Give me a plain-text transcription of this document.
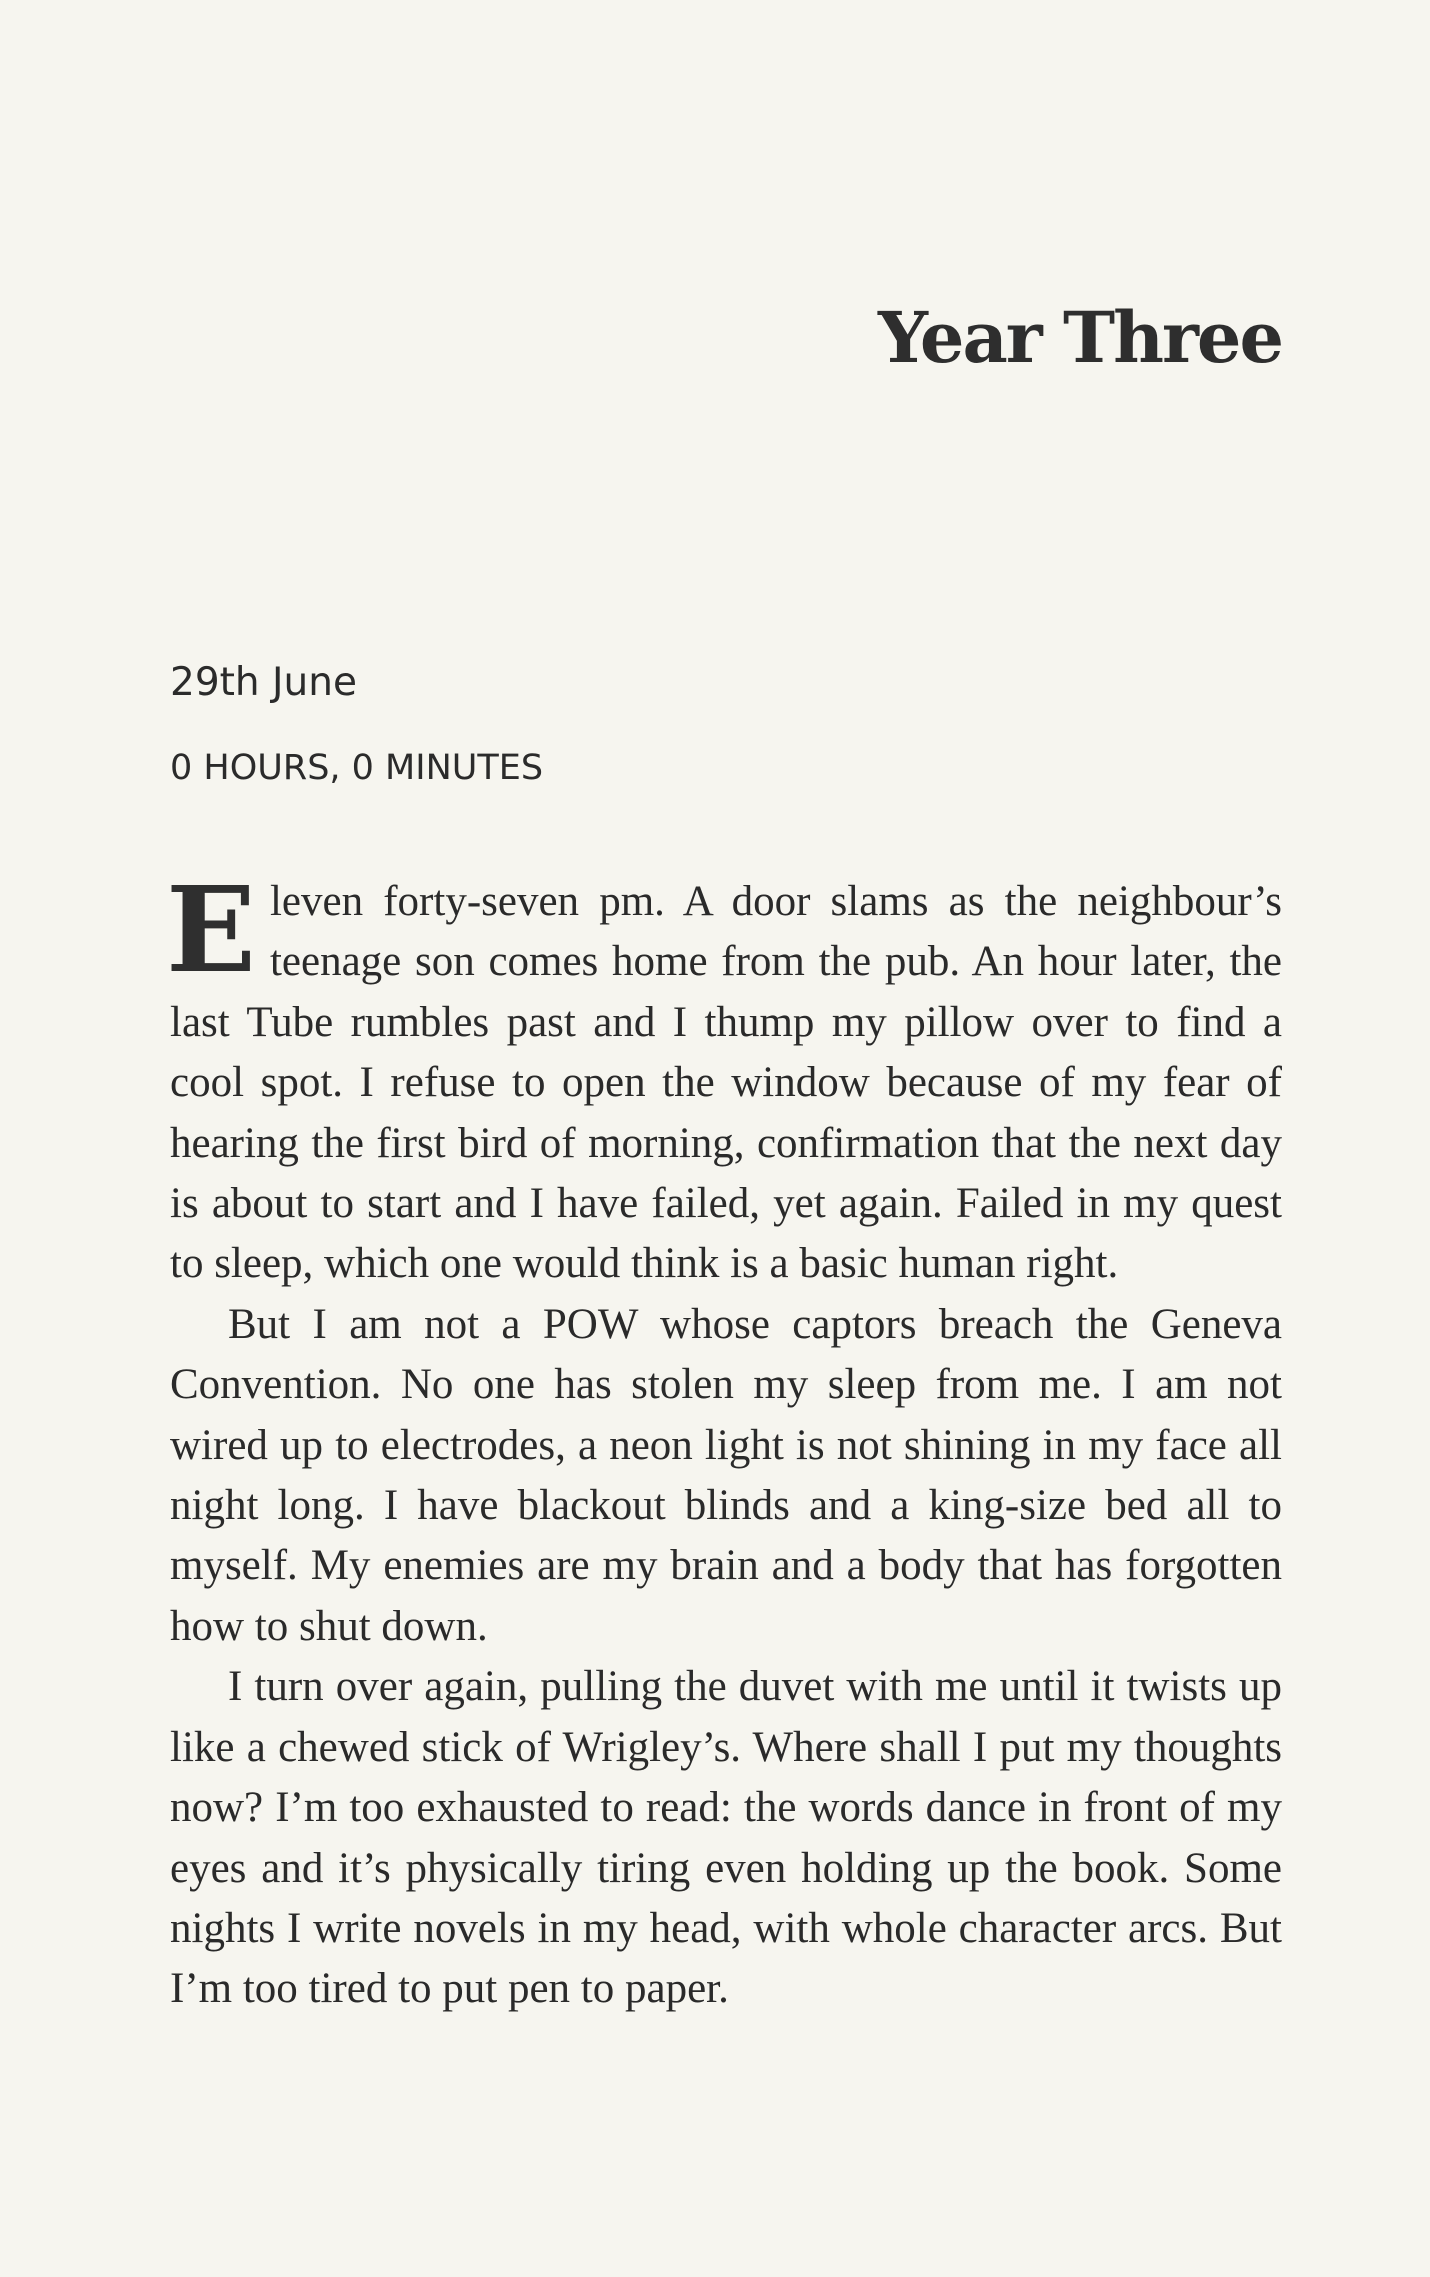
Year Three
29th June
0 HOURS, 0 MINUTES

Eleven forty-seven pm. A door slams as the neighbour’s teenage son comes home from the pub. An hour later, the last Tube rumbles past and I thump my pillow over to find a cool spot. I refuse to open the window because of my fear of hearing the first bird of morning, confirmation that the next day is about to start and I have failed, yet again. Failed in my quest to sleep, which one would think is a basic human right.

But I am not a POW whose captors breach the Geneva Convention. No one has stolen my sleep from me. I am not wired up to electrodes, a neon light is not shining in my face all night long. I have blackout blinds and a king-size bed all to myself. My enemies are my brain and a body that has forgotten how to shut down.

I turn over again, pulling the duvet with me until it twists up like a chewed stick of Wrigley’s. Where shall I put my thoughts now? I’m too exhausted to read: the words dance in front of my eyes and it’s physically tiring even holding up the book. Some nights I write novels in my head, with whole character arcs. But I’m too tired to put pen to paper.
